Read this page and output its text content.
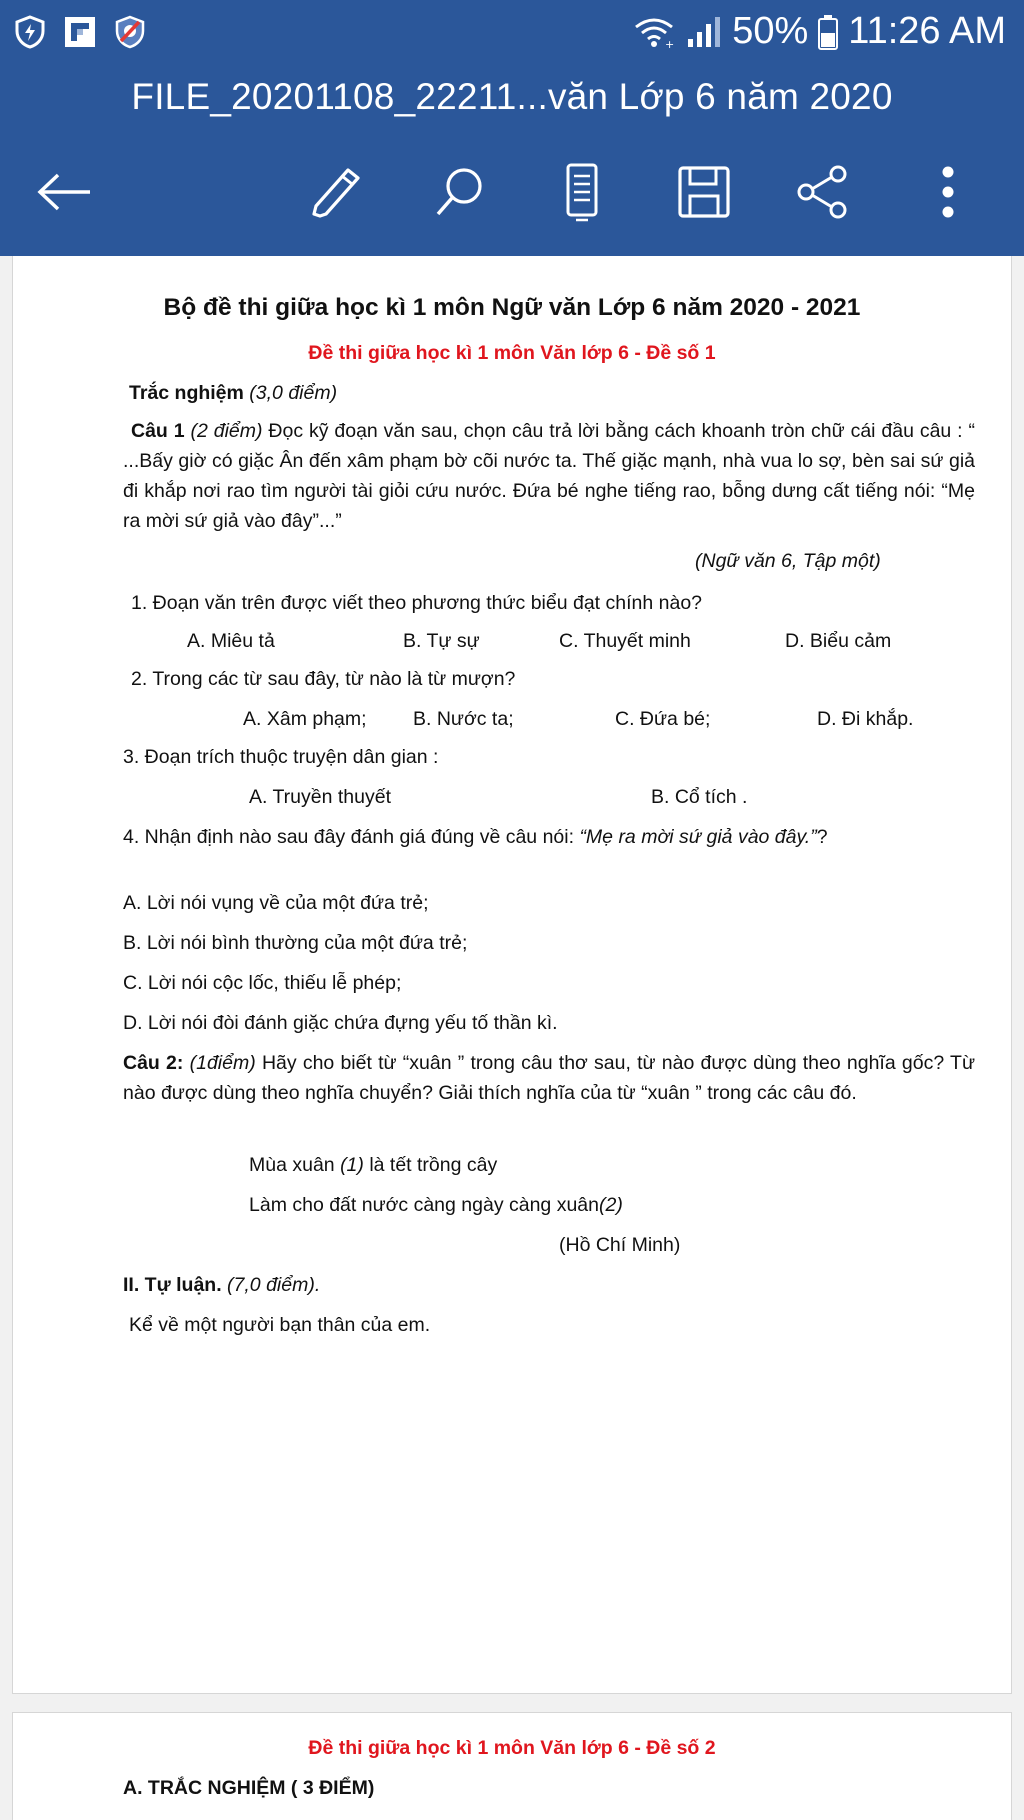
+ 50% 11:26 AM
FILE_20201108_22211...văn Lớp 6 năm 2020
Bộ đề thi giữa học kì 1 môn Ngữ văn Lớp 6 năm 2020 - 2021
Đề thi giữa học kì 1 môn Văn lớp 6 - Đề số 1
Trắc nghiệm (3,0 điểm)
Câu 1 (2 điểm) Đọc kỹ đoạn văn sau, chọn câu trả lời bằng cách khoanh tròn chữ cái đầu câu : “ ...Bấy giờ có giặc Ân đến xâm phạm bờ cõi nước ta. Thế giặc mạnh, nhà vua lo sợ, bèn sai sứ giả đi khắp nơi rao tìm người tài giỏi cứu nước. Đứa bé nghe tiếng rao, bỗng dưng cất tiếng nói: “Mẹ ra mời sứ giả vào đây”...”
(Ngữ văn 6, Tập một)
1. Đoạn văn trên được viết theo phương thức biểu đạt chính nào?
A. Miêu tả	B. Tự sự	C. Thuyết minh	D. Biểu cảm
2. Trong các từ sau đây, từ nào là từ mượn?
A. Xâm phạm; B. Nước ta;	C. Đứa bé;	D. Đi khắp.
3. Đoạn trích thuộc truyện dân gian :
A. Truyền thuyết	B. Cổ tích .
4. Nhận định nào sau đây đánh giá đúng về câu nói: “Mẹ ra mời sứ giả vào đây.”?
A. Lời nói vụng về của một đứa trẻ;
B. Lời nói bình thường của một đứa trẻ;
C. Lời nói cộc lốc, thiếu lễ phép;
D. Lời nói đòi đánh giặc chứa đựng yếu tố thần kì.
Câu 2: (1điểm) Hãy cho biết từ “xuân ” trong câu thơ sau, từ nào được dùng theo nghĩa gốc? Từ nào được dùng theo nghĩa chuyển? Giải thích nghĩa của từ “xuân ” trong các câu đó.
Mùa xuân (1) là tết trồng cây
Làm cho đất nước càng ngày càng xuân(2)
(Hồ Chí Minh)
II. Tự luận. (7,0 điểm).
Kể về một người bạn thân của em.
Đề thi giữa học kì 1 môn Văn lớp 6 - Đề số 2
A. TRẮC NGHIỆM ( 3 ĐIỂM)
